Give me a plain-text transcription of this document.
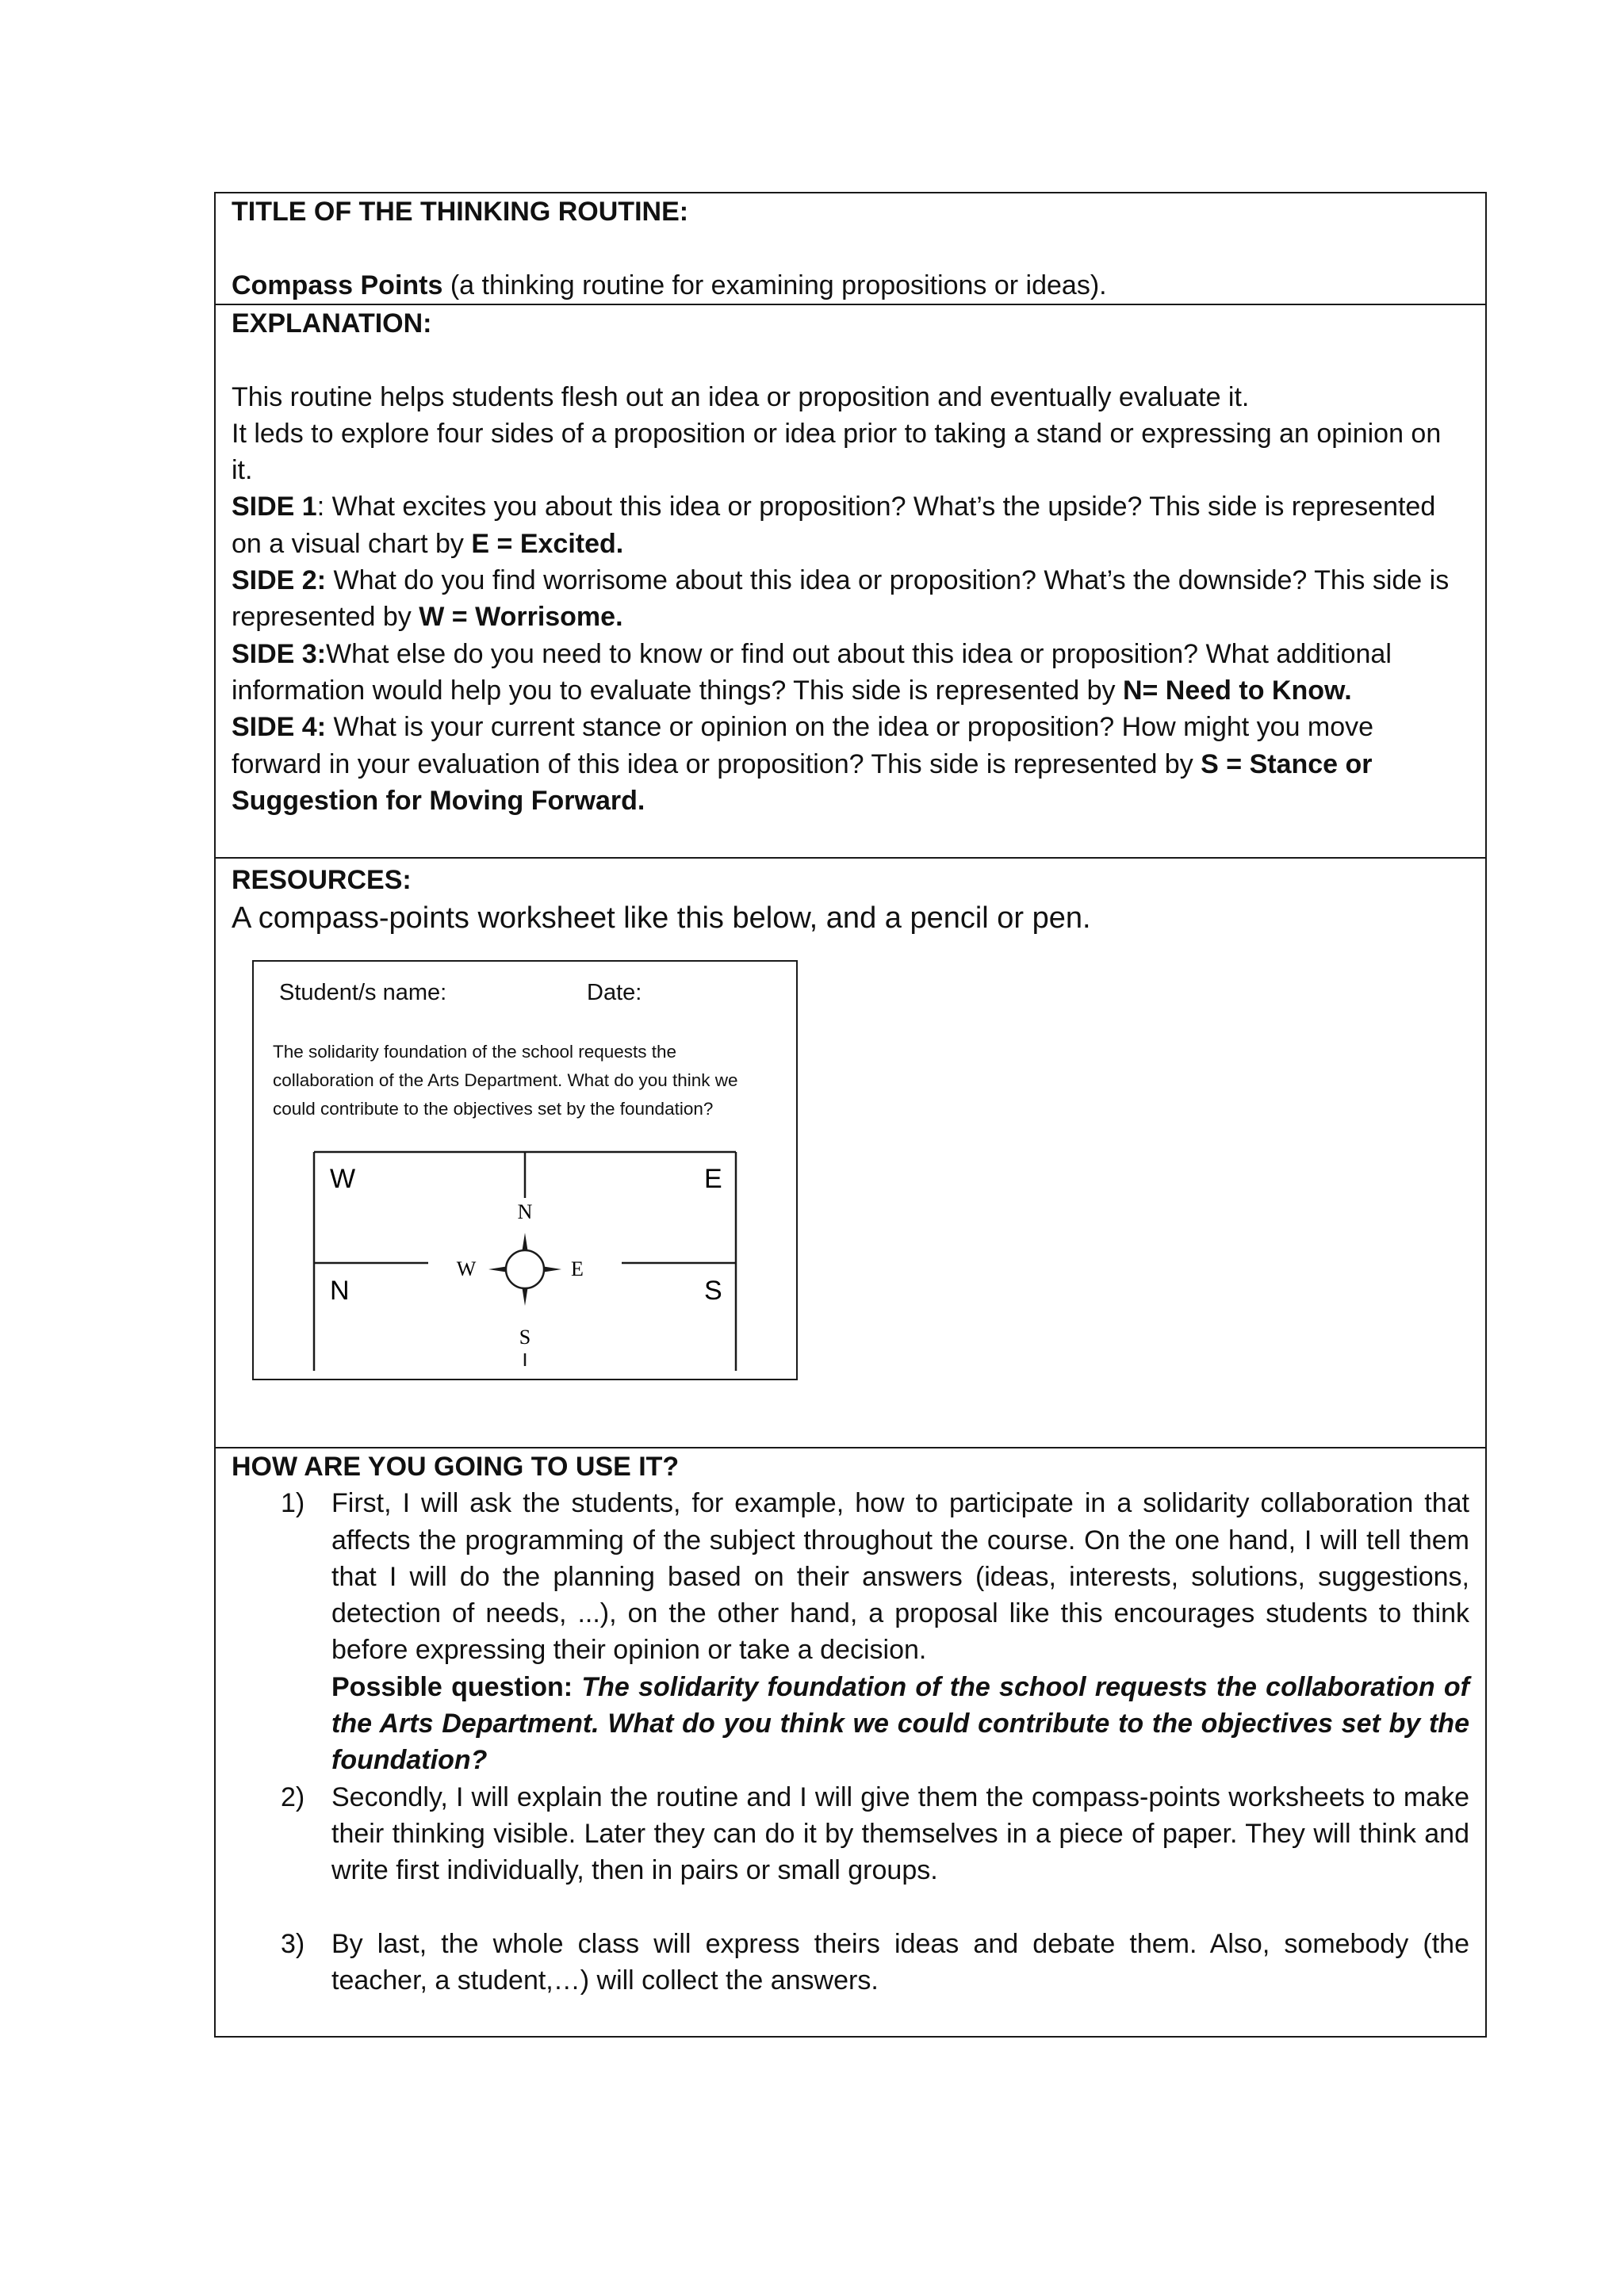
TITLE OF THE THINKING ROUTINE:
Compass Points (a thinking routine for examining propositions or ideas).
EXPLANATION:
This routine helps students flesh out an idea or proposition and eventually evaluate it.
It leds to explore four sides of a proposition or idea prior to taking a stand or expressing an opinion on it.
SIDE 1: What excites you about this idea or proposition? What’s the upside? This side is represented on a visual chart by E = Excited.
SIDE 2: What do you find worrisome about this idea or proposition? What’s the downside? This side is represented by W = Worrisome.
SIDE 3:What else do you need to know or find out about this idea or proposition? What additional information would help you to evaluate things? This side is represented by N= Need to Know.
SIDE 4: What is your current stance or opinion on the idea or proposition? How might you move forward in your evaluation of this idea or proposition? This side is represented by S = Stance or Suggestion for Moving Forward.
RESOURCES:
A compass-points worksheet like this below, and a pencil or pen.
Student/s name:	Date:
The solidarity foundation of the school requests the collaboration of the Arts Department. What do you think we could contribute to the objectives set by the foundation?
W	E
N	S
N
S
E
W
HOW ARE YOU GOING TO USE IT?
1) First, I will ask the students, for example, how to participate in a solidarity collaboration that affects the programming of the subject throughout the course. On the one hand, I will tell them that I will do the planning based on their answers (ideas, interests, solutions, suggestions, detection of needs, ...), on the other hand, a proposal like this encourages students to think before expressing their opinion or take a decision.
Possible question: The solidarity foundation of the school requests the collaboration of the Arts Department. What do you think we could contribute to the objectives set by the foundation?
2) Secondly, I will explain the routine and I will give them the compass-points worksheets to make their thinking visible. Later they can do it by themselves in a piece of paper. They will think and write first individually, then in pairs or small groups.
3) By last, the whole class will express theirs ideas and debate them. Also, somebody (the teacher, a student,…) will collect the answers.
